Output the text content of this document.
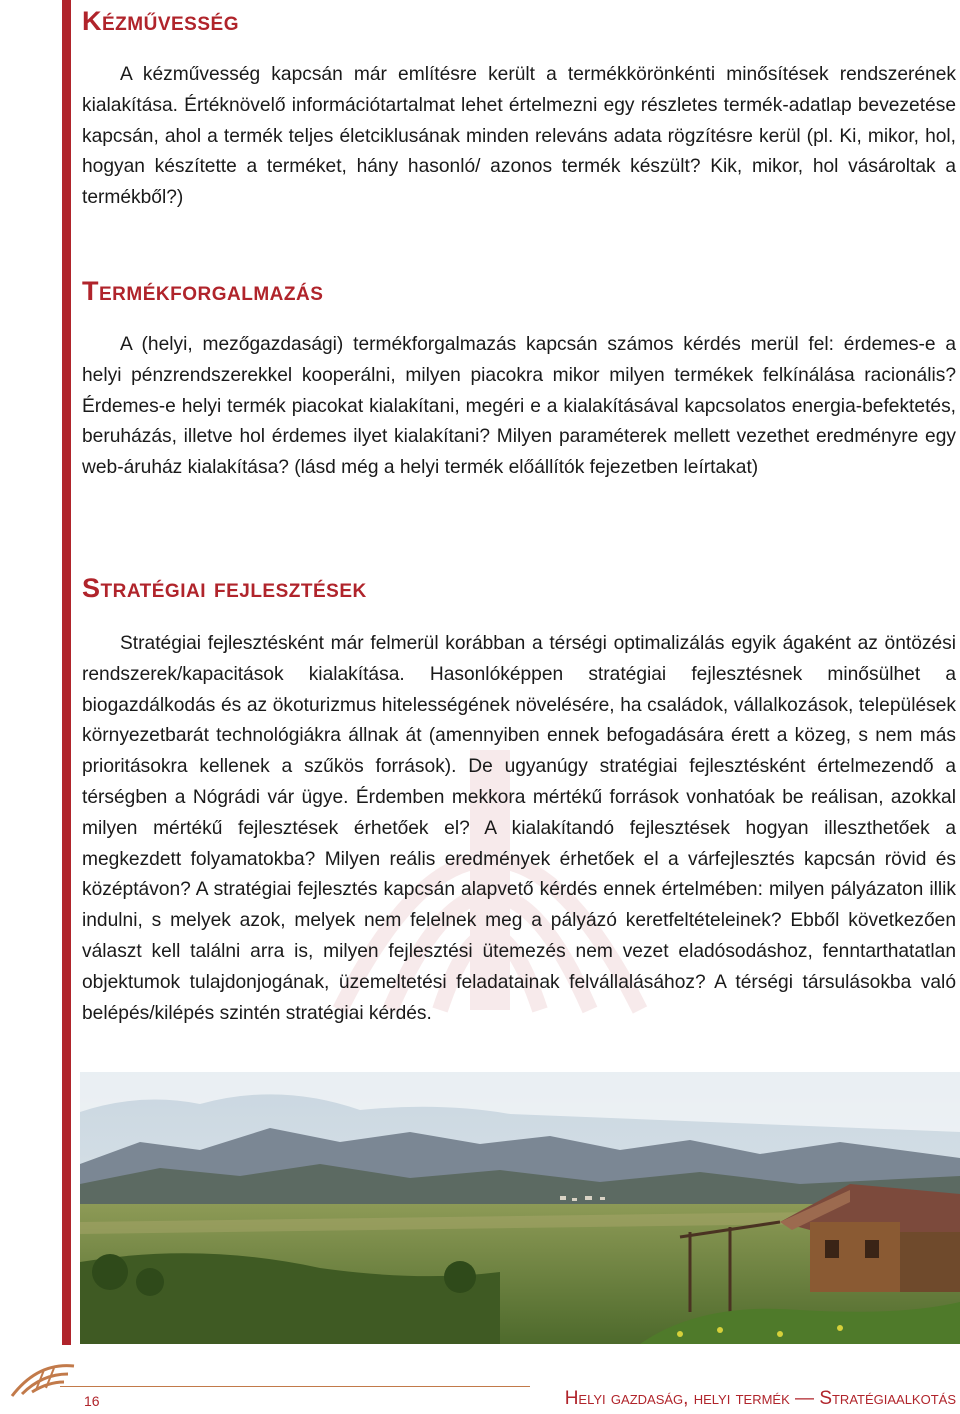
Kézművesség

A kézművesség kapcsán már említésre került a termékkörönkénti minősítések rendszerének kialakítása. Értéknövelő információtartalmat lehet értelmezni egy részletes termék-adatlap bevezetése kapcsán, ahol a termék teljes életciklusának minden releváns adata rögzítésre kerül (pl. Ki, mikor, hol, hogyan készítette a terméket, hány hasonló/ azonos termék készült? Kik, mikor, hol vásároltak a termékből?)

Termékforgalmazás

A (helyi, mezőgazdasági) termékforgalmazás kapcsán számos kérdés merül fel: érdemes-e a helyi pénzrendszerekkel kooperálni, milyen piacokra mikor milyen termékek felkínálása racionális? Érdemes-e helyi termék piacokat kialakítani, megéri e a kialakításával kapcsolatos energia-befektetés, beruházás, illetve hol érdemes ilyet kialakítani? Milyen paraméterek mellett vezethet eredményre egy web-áruház kialakítása? (lásd még a helyi termék előállítók fejezetben leírtakat)

Stratégiai fejlesztések

Stratégiai fejlesztésként már felmerül korábban a térségi optimalizálás egyik ágaként az öntözési rendszerek/kapacitások kialakítása. Hasonlóképpen stratégiai fejlesztésnek minősülhet a biogazdálkodás és az ökoturizmus hitelességének növelésére, ha családok, vállalkozások, települések környezetbarát technológiákra állnak át (amennyiben ennek befogadására érett a közeg, s nem más prioritásokra kellenek a szűkös források). De ugyanúgy stratégiai fejlesztésként értelmezendő a térségben a Nógrádi vár ügye. Érdemben mekkora mértékű források vonhatóak be reálisan, azokkal milyen mértékű fejlesztések érhetőek el? A kialakítandó fejlesztések hogyan illeszthetőek a megkezdett folyamatokba? Milyen reális eredmények érhetőek el a várfejlesztés kapcsán rövid és középtávon? A stratégiai fejlesztés kapcsán alapvető kérdés ennek értelmében: milyen pályázaton illik indulni, s melyek azok, melyek nem felelnek meg a pályázó keretfeltételeinek? Ebből következően választ kell találni arra is, milyen fejlesztési ütemezés nem vezet eladósodáshoz, fenntarthatatlan objektumok tulajdonjogának, üzemeltetési feladatainak felvállalásához? A térségi társulásokba való belépés/kilépés szintén stratégiai kérdés.

16	Helyi gazdaság, helyi termék — Stratégiaalkotás
